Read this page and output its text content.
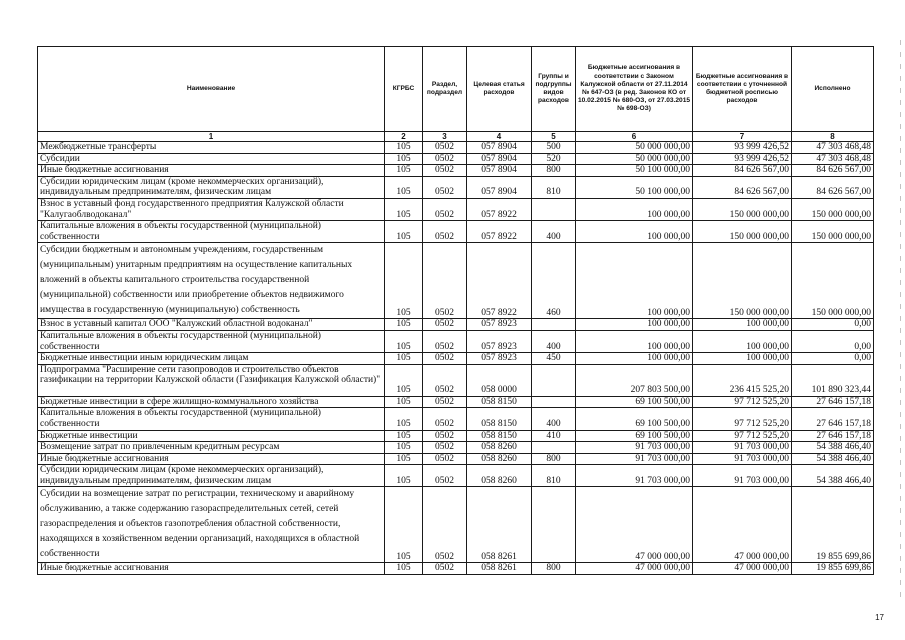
Наименование	КГРБС	Раздел, подраздел	Целевая статья расходов	Группы и подгруппы видов расходов	Бюджетные ассигнования в соответствии с Законом Калужской области от 27.11.2014 № 647-ОЗ (в ред. Законов КО от 10.02.2015 № 680-ОЗ, от 27.03.2015 № 698-ОЗ)	Бюджетные ассигнования в соответствии с уточненной бюджетной росписью расходов	Исполнено
1	2	3	4	5	6	7	8
Межбюджетные трансферты	105	0502	057 8904	500	50 000 000,00	93 999 426,52	47 303 468,48
Субсидии	105	0502	057 8904	520	50 000 000,00	93 999 426,52	47 303 468,48
Иные бюджетные ассигнования	105	0502	057 8904	800	50 100 000,00	84 626 567,00	84 626 567,00
Субсидии юридическим лицам (кроме некоммерческих организаций), индивидуальным предпринимателям, физическим лицам	105	0502	057 8904	810	50 100 000,00	84 626 567,00	84 626 567,00
Взнос в уставный фонд государственного предприятия Калужской области "Калугаоблводоканал"	105	0502	057 8922		100 000,00	150 000 000,00	150 000 000,00
Капитальные вложения в объекты государственной (муниципальной) собственности	105	0502	057 8922	400	100 000,00	150 000 000,00	150 000 000,00
Субсидии бюджетным и автономным учреждениям, государственным (муниципальным) унитарным предприятиям на осуществление капитальных вложений в объекты капитального строительства государственной (муниципальной) собственности или приобретение объектов недвижимого имущества в государственную (муниципальную) собственность	105	0502	057 8922	460	100 000,00	150 000 000,00	150 000 000,00
Взнос в уставный капитал ООО "Калужский областной водоканал"	105	0502	057 8923		100 000,00	100 000,00	0,00
Капитальные вложения в объекты государственной (муниципальной) собственности	105	0502	057 8923	400	100 000,00	100 000,00	0,00
Бюджетные инвестиции иным юридическим лицам	105	0502	057 8923	450	100 000,00	100 000,00	0,00
Подпрограмма "Расширение сети газопроводов и строительство объектов газификации на территории Калужской области (Газификация Калужской области)"	105	0502	058 0000		207 803 500,00	236 415 525,20	101 890 323,44
Бюджетные инвестиции в сфере жилищно-коммунального хозяйства	105	0502	058 8150		69 100 500,00	97 712 525,20	27 646 157,18
Капитальные вложения в объекты государственной (муниципальной) собственности	105	0502	058 8150	400	69 100 500,00	97 712 525,20	27 646 157,18
Бюджетные инвестиции	105	0502	058 8150	410	69 100 500,00	97 712 525,20	27 646 157,18
Возмещение затрат по привлеченным кредитным ресурсам	105	0502	058 8260		91 703 000,00	91 703 000,00	54 388 466,40
Иные бюджетные ассигнования	105	0502	058 8260	800	91 703 000,00	91 703 000,00	54 388 466,40
Субсидии юридическим лицам (кроме некоммерческих организаций), индивидуальным предпринимателям, физическим лицам	105	0502	058 8260	810	91 703 000,00	91 703 000,00	54 388 466,40
Субсидии на возмещение затрат по регистрации, техническому и аварийному обслуживанию, а также содержанию газораспределительных сетей, сетей газораспределения и объектов газопотребления областной собственности, находящихся в хозяйственном ведении организаций, находящихся в областной собственности	105	0502	058 8261		47 000 000,00	47 000 000,00	19 855 699,86
Иные бюджетные ассигнования	105	0502	058 8261	800	47 000 000,00	47 000 000,00	19 855 699,86
17
